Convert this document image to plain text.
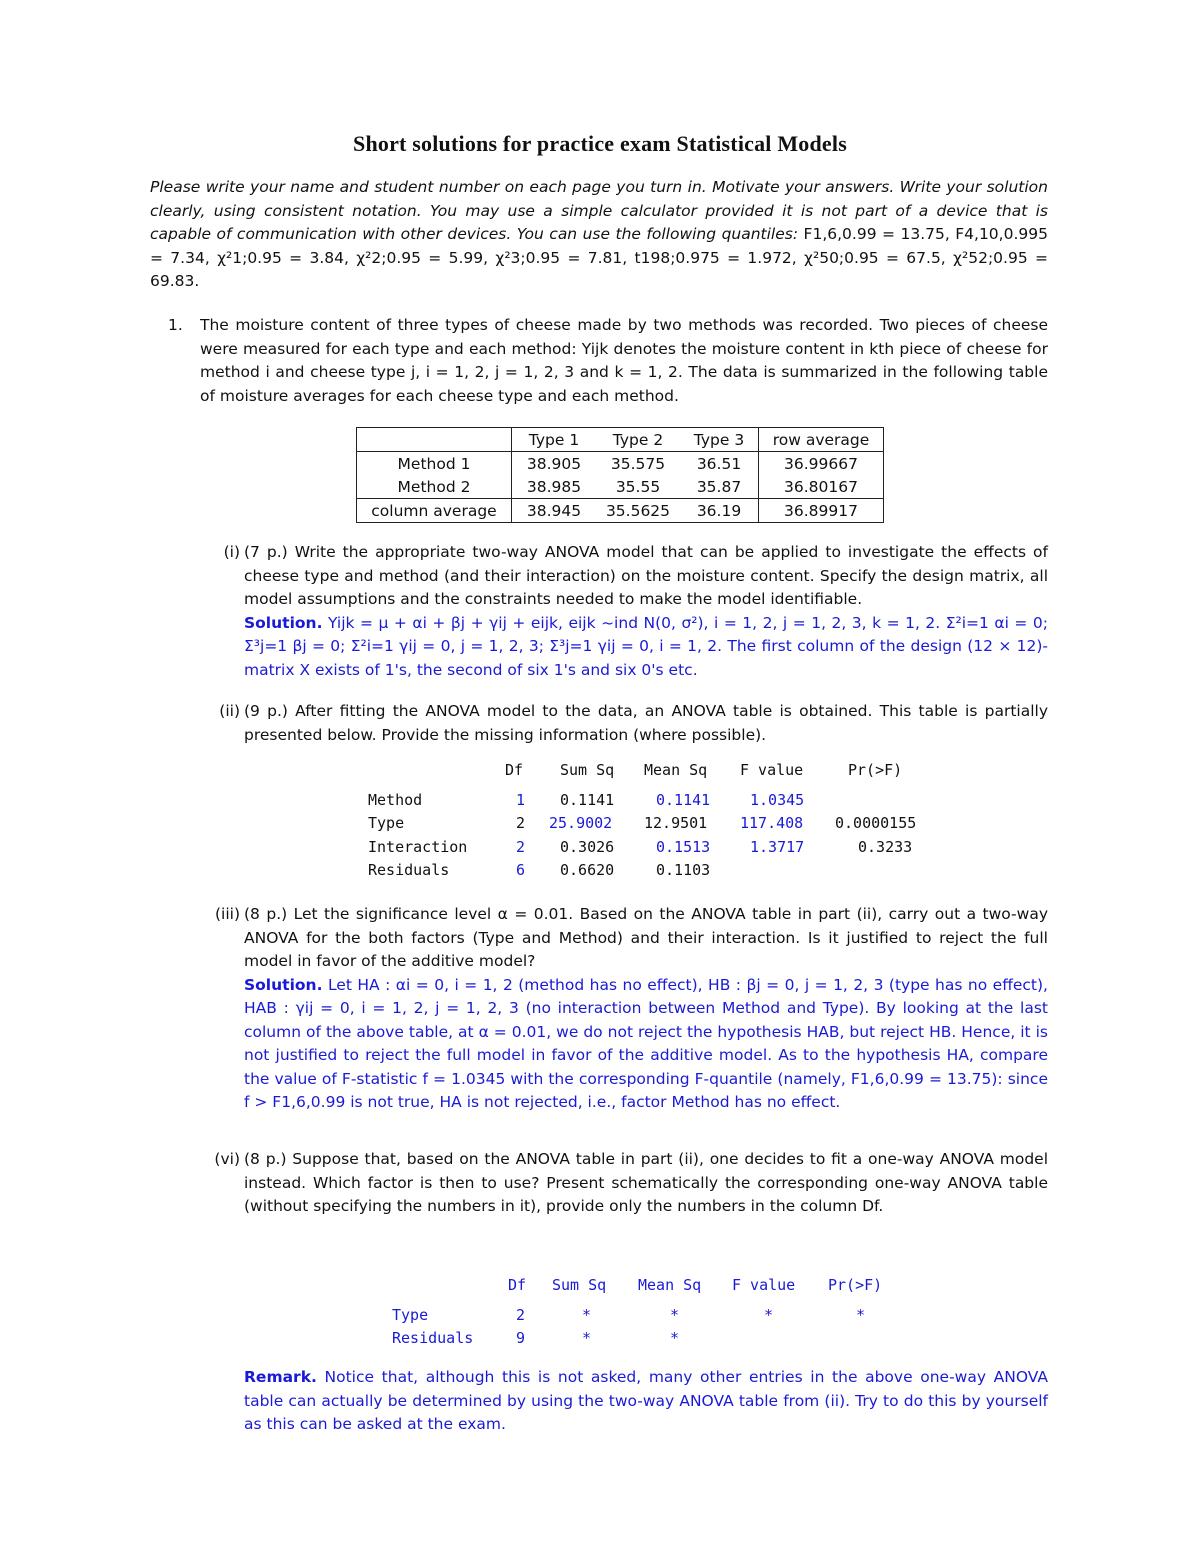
Short solutions for practice exam Statistical Models
Please write your name and student number on each page you turn in. Motivate your answers. Write your solution clearly, using consistent notation. You may use a simple calculator provided it is not part of a device that is capable of communication with other devices. You can use the following quantiles: F1,6,0.99 = 13.75, F4,10,0.995 = 7.34, χ²1;0.95 = 3.84, χ²2;0.95 = 5.99, χ²3;0.95 = 7.81, t198;0.975 = 1.972, χ²50;0.95 = 67.5, χ²52;0.95 = 69.83.
1. The moisture content of three types of cheese made by two methods was recorded. Two pieces of cheese were measured for each type and each method: Yijk denotes the moisture content in kth piece of cheese for method i and cheese type j, i = 1, 2, j = 1, 2, 3 and k = 1, 2. The data is summarized in the following table of moisture averages for each cheese type and each method.
	Type 1	Type 2	Type 3	row average
Method 1	38.905	35.575	36.51	36.99667
Method 2	38.985	35.55	35.87	36.80167
column average	38.945	35.5625	36.19	36.89917
(i) (7 p.) Write the appropriate two-way ANOVA model that can be applied to investigate the effects of cheese type and method (and their interaction) on the moisture content. Specify the design matrix, all model assumptions and the constraints needed to make the model identifiable.
Solution. Yijk = μ + αi + βj + γij + eijk, eijk ~ind N(0, σ²), i = 1, 2, j = 1, 2, 3, k = 1, 2. Σ²i=1 αi = 0; Σ³j=1 βj = 0; Σ²i=1 γij = 0, j = 1, 2, 3; Σ³j=1 γij = 0, i = 1, 2. The first column of the design (12 × 12)-matrix X exists of 1's, the second of six 1's and six 0's etc.
(ii) (9 p.) After fitting the ANOVA model to the data, an ANOVA table is obtained. This table is partially presented below. Provide the missing information (where possible).
Df Sum Sq Mean Sq F value	Pr(>F)
Method	1 0.1141	0.1141	1.0345
Type	2 25.9002 12.9501 117.408 0.0000155
Interaction	2 0.3026	0.1513	1.3717	0.3233
Residuals	6 0.6620	0.1103
(iii) (8 p.) Let the significance level α = 0.01. Based on the ANOVA table in part (ii), carry out a two-way ANOVA for the both factors (Type and Method) and their interaction. Is it justified to reject the full model in favor of the additive model?
Solution. Let HA : αi = 0, i = 1, 2 (method has no effect), HB : βj = 0, j = 1, 2, 3 (type has no effect), HAB : γij = 0, i = 1, 2, j = 1, 2, 3 (no interaction between Method and Type). By looking at the last column of the above table, at α = 0.01, we do not reject the hypothesis HAB, but reject HB. Hence, it is not justified to reject the full model in favor of the additive model. As to the hypothesis HA, compare the value of F-statistic f = 1.0345 with the corresponding F-quantile (namely, F1,6,0.99 = 13.75): since f > F1,6,0.99 is not true, HA is not rejected, i.e., factor Method has no effect.
(vi) (8 p.) Suppose that, based on the ANOVA table in part (ii), one decides to fit a one-way ANOVA model instead. Which factor is then to use? Present schematically the corresponding one-way ANOVA table (without specifying the numbers in it), provide only the numbers in the column Df.
Df Sum Sq Mean Sq F value Pr(>F)
Type	2	*	*	*	*
Residuals	9	*	*
Remark. Notice that, although this is not asked, many other entries in the above one-way ANOVA table can actually be determined by using the two-way ANOVA table from (ii). Try to do this by yourself as this can be asked at the exam.
